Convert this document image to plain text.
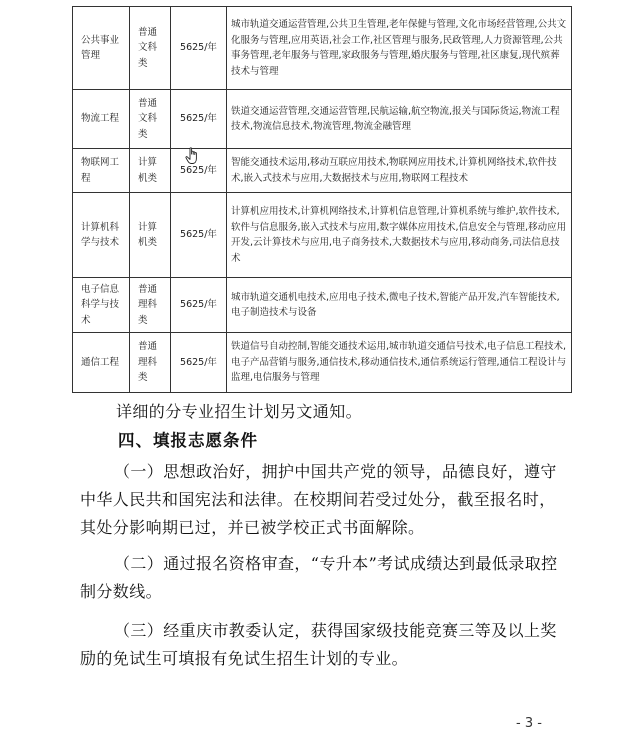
公共事业管理	普通文科类	5625/年	城市轨道交通运营管理,公共卫生管理,老年保健与管理,文化市场经营管理,公共文化服务与管理,应用英语,社会工作,社区管理与服务,民政管理,人力资源管理,公共事务管理,老年服务与管理,家政服务与管理,婚庆服务与管理,社区康复,现代殡葬技术与管理
物流工程	普通文科类	5625/年	铁道交通运营管理,交通运营管理,民航运输,航空物流,报关与国际货运,物流工程技术,物流信息技术,物流管理,物流金融管理
物联网工程	计算机类	5625/年	智能交通技术运用,移动互联应用技术,物联网应用技术,计算机网络技术,软件技术,嵌入式技术与应用,大数据技术与应用,物联网工程技术
计算机科学与技术	计算机类	5625/年	计算机应用技术,计算机网络技术,计算机信息管理,计算机系统与维护,软件技术,软件与信息服务,嵌入式技术与应用,数字媒体应用技术,信息安全与管理,移动应用开发,云计算技术与应用,电子商务技术,大数据技术与应用,移动商务,司法信息技术
电子信息科学与技术	普通理科类	5625/年	城市轨道交通机电技术,应用电子技术,微电子技术,智能产品开发,汽车智能技术,电子制造技术与设备
通信工程	普通理科类	5625/年	铁道信号自动控制,智能交通技术运用,城市轨道交通信号技术,电子信息工程技术,电子产品营销与服务,通信技术,移动通信技术,通信系统运行管理,通信工程设计与监理,电信服务与管理
详细的分专业招生计划另文通知。
四、填报志愿条件
（一）思想政治好，拥护中国共产党的领导，品德良好，遵守中华人民共和国宪法和法律。在校期间若受过处分，截至报名时，其处分影响期已过，并已被学校正式书面解除。
（二）通过报名资格审查，“专升本”考试成绩达到最低录取控制分数线。
（三）经重庆市教委认定，获得国家级技能竞赛三等及以上奖励的免试生可填报有免试生招生计划的专业。
- 3 -
